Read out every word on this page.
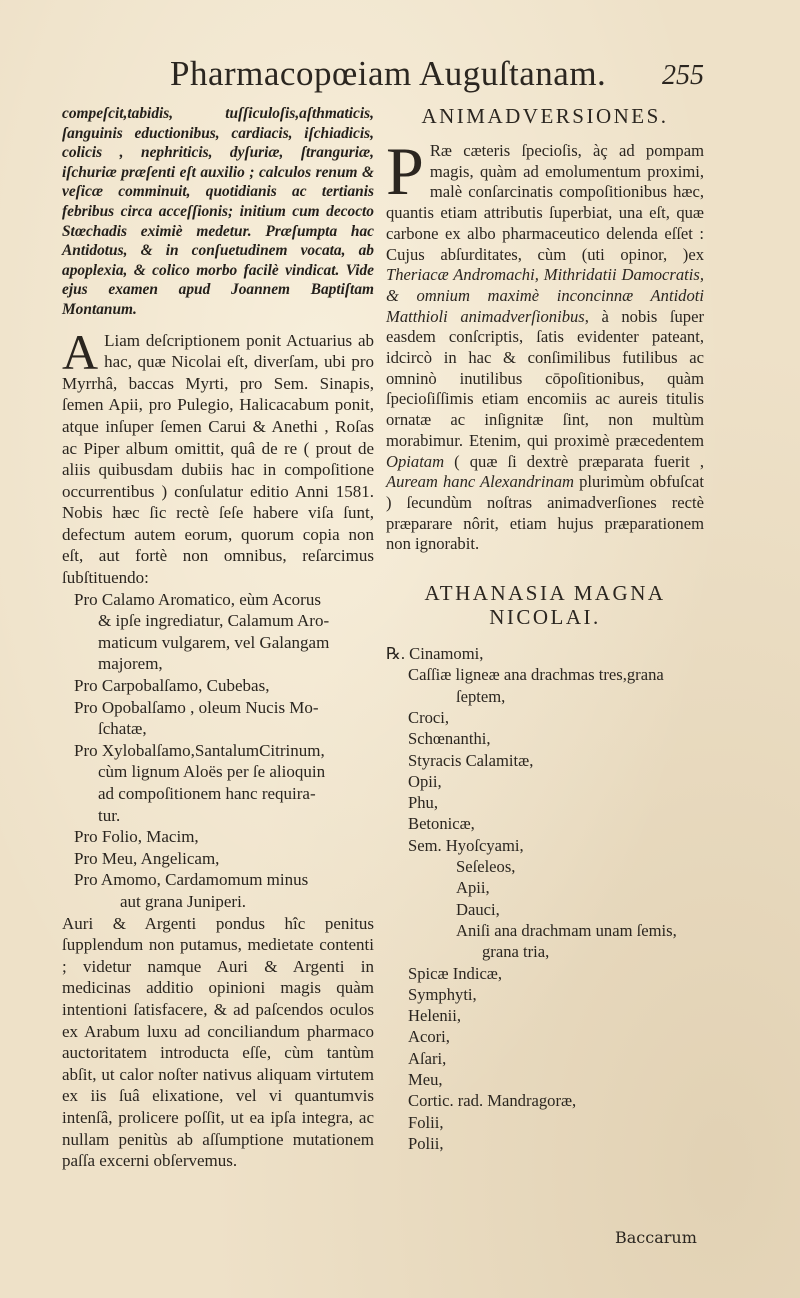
Pharmacopœiam Auguſtanam. 255

compeſcit,tabidis, tuſſiculoſis,aſthmaticis, ſanguinis eductionibus, cardiacis, iſchiadicis, colicis , nephriticis, dyſuriæ, ſtranguriæ, iſchuriæ præſenti eſt auxilio ; calculos renum & veſicæ comminuit, quotidianis ac tertianis febribus circa acceſſionis; initium cum decocto Stœchadis eximiè medetur. Præſumpta hac Antidotus, & in conſuetudinem vocata, ab apoplexia, & colico morbo facilè vindicat. Vide ejus examen apud Joannem Baptiſtam Montanum.

A Liam deſcriptionem ponit Actuarius ab hac, quæ Nicolai eſt, diverſam, ubi pro Myrrhâ, baccas Myrti, pro Sem. Sinapis, ſemen Apii, pro Pulegio, Halicacabum ponit, atque inſuper ſemen Carui & Anethi , Roſas ac Piper album omittit, quâ de re ( prout de aliis quibusdam dubiis hac in compoſitione occurrentibus ) conſulatur editio Anni 1581. Nobis hæc ſic rectè ſeſe habere viſa ſunt, defectum autem eorum, quorum copia non eſt, aut fortè non omnibus, reſarcimus ſubſtituendo:

Pro Calamo Aromatico, eùm Acorus
& ipſe ingrediatur, Calamum Aro-
maticum vulgarem, vel Galangam
majorem,
Pro Carpobalſamo, Cubebas,
Pro Opobalſamo , oleum Nucis Mo-
ſchatæ,
Pro Xylobalſamo,SantalumCitrinum,
cùm lignum Aloës per ſe alioquin
ad compoſitionem hanc requira-
tur.
Pro Folio, Macim,
Pro Meu, Angelicam,
Pro Amomo, Cardamomum minus
aut grana Juniperi.

Auri & Argenti pondus hîc penitus ſupplendum non putamus, medietate contenti ; videtur namque Auri & Argenti in medicinas additio opinioni magis quàm intentioni ſatisfacere, & ad paſcendos oculos ex Arabum luxu ad conciliandum pharmaco auctoritatem introducta eſſe, cùm tantùm abſit, ut calor noſter nativus aliquam virtutem ex iis ſuâ elixatione, vel vi quantumvis intenſâ, prolicere poſſit, ut ea ipſa integra, ac nullam penitùs ab aſſumptione mutationem paſſa excerni obſervemus.

ANIMADVERSIONES.

P Ræ cæteris ſpecioſis, àç ad pompam magis, quàm ad emolumentum proximi, malè conſarcinatis compoſitionibus hæc, quantis etiam attributis ſuperbiat, una eſt, quæ carbone ex albo pharmaceutico delenda eſſet : Cujus abſurditates, cùm (uti opinor, )ex Theriacæ Andromachi, Mithridatii Damocratis, & omnium maximè inconcinnæ Antidoti Matthioli animadverſionibus, à nobis ſuper easdem conſcriptis, ſatis evidenter pateant, idcircò in hac & conſimilibus futilibus ac omninò inutilibus cōpoſitionibus, quàm ſpecioſiſſimis etiam encomiis ac aureis titulis ornatæ ac inſignitæ ſint, non multùm morabimur. Etenim, qui proximè præcedentem Opiatam ( quæ ſi dextrè præparata fuerit , Auream hanc Alexandrinam plurimùm obfuſcat ) ſecundùm noſtras animadverſiones rectè præparare nôrit, etiam hujus præparationem non ignorabit.

ATHANASIA MAGNA

NICOLAI.

℞. Cinamomi,
Caſſiæ ligneæ ana drachmas tres,grana
ſeptem,
Croci,
Schœnanthi,
Styracis Calamitæ,
Opii,
Phu,
Betonicæ,
Sem. Hyoſcyami,
Seſeleos,
Apii,
Dauci,
Aniſi ana drachmam unam ſemis,
grana tria,
Spicæ Indicæ,
Symphyti,
Helenii,
Acori,
Aſari,
Meu,
Cortic. rad. Mandragoræ,
Folii,
Polii,
Baccarum
